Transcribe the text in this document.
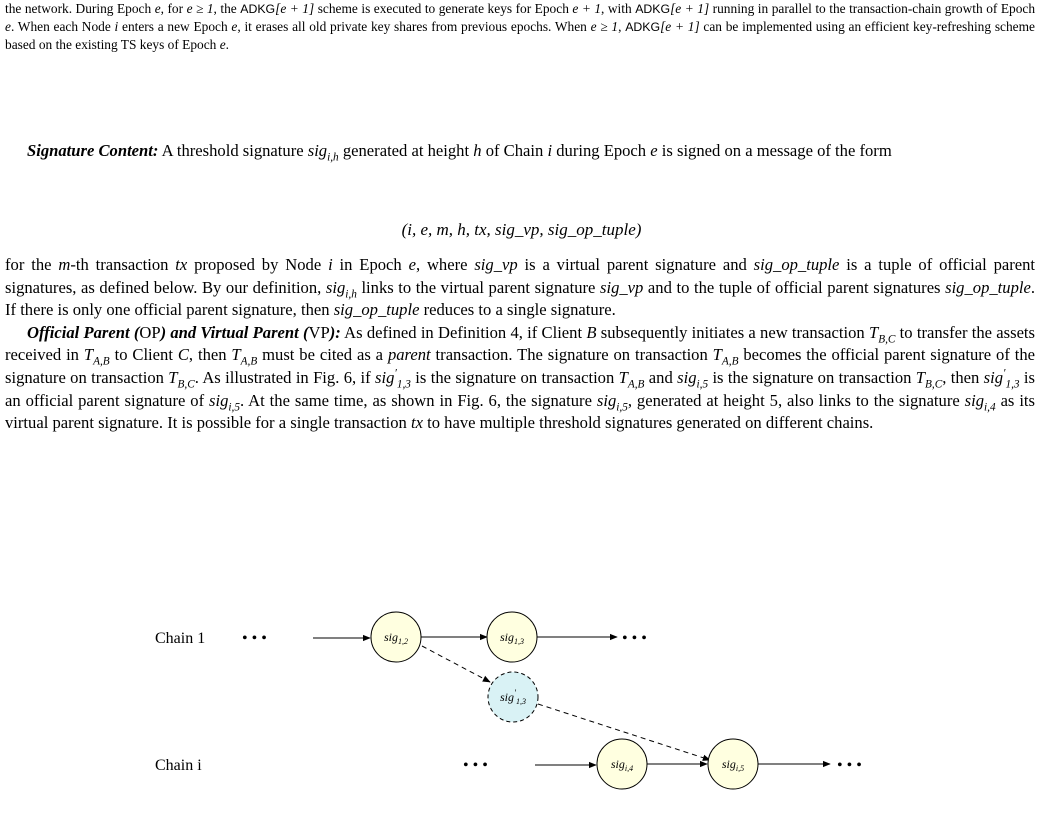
the network. During Epoch e, for e ≥ 1, the ADKG[e + 1] scheme is executed to generate keys for Epoch e + 1, with ADKG[e + 1] running in parallel to the transaction-chain growth of Epoch e. When each Node i enters a new Epoch e, it erases all old private key shares from previous epochs. When e ≥ 1, ADKG[e + 1] can be implemented using an efficient key-refreshing scheme based on the existing TS keys of Epoch e.
Signature Content: A threshold signature sig$_{i,h}$ generated at height h of Chain i during Epoch e is signed on a message of the form
(i, e, m, h, tx, sig_vp, sig_op_tuple)
for the m-th transaction tx proposed by Node i in Epoch e, where sig_vp is a virtual parent signature and sig_op_tuple is a tuple of official parent signatures, as defined below. By our definition, sig$_{i,h}$ links to the virtual parent signature sig_vp and to the tuple of official parent signatures sig_op_tuple. If there is only one official parent signature, then sig_op_tuple reduces to a single signature.
Official Parent (OP) and Virtual Parent (VP): As defined in Definition 4, if Client B subsequently initiates a new transaction $T_{B,C}$ to transfer the assets received in $T_{A,B}$ to Client C, then $T_{A,B}$ must be cited as a parent transaction. The signature on transaction $T_{A,B}$ becomes the official parent signature of the signature on transaction $T_{B,C}$. As illustrated in Fig. 6, if sig′$_{1,3}$ is the signature on transaction $T_{A,B}$ and sig$_{i,5}$ is the signature on transaction $T_{B,C}$, then sig′$_{1,3}$ is an official parent signature of sig$_{i,5}$. At the same time, as shown in Fig. 6, the signature sig$_{i,5}$, generated at height 5, also links to the signature sig$_{i,4}$ as its virtual parent signature. It is possible for a single transaction tx to have multiple threshold signatures generated on different chains.
Chain 1 • • •	sig$_{1,2}$	sig$_{1,3}$	• • •
sig′$_{1,3}$
Chain i	• • •	sig$_{i,4}$	sig$_{i,5}$	• • •
